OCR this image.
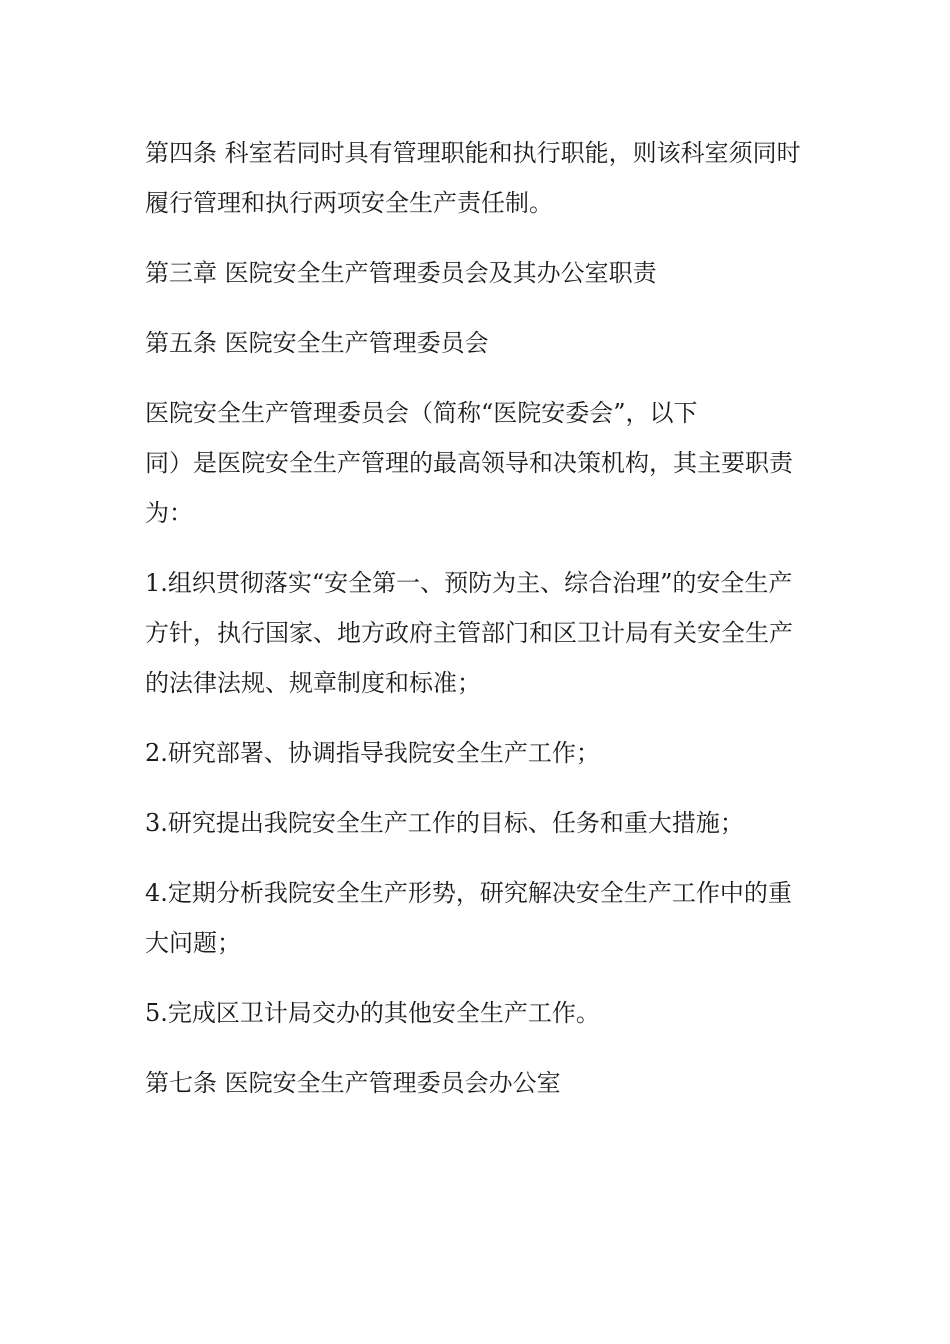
第四条 科室若同时具有管理职能和执行职能，则该科室须同时履行管理和执行两项安全生产责任制。

第三章 医院安全生产管理委员会及其办公室职责

第五条 医院安全生产管理委员会

医院安全生产管理委员会（简称“医院安委会”，以下
同）是医院安全生产管理的最高领导和决策机构，其主要职责为：

1.组织贯彻落实“安全第一、预防为主、综合治理”的安全生产方针，执行国家、地方政府主管部门和区卫计局有关安全生产的法律法规、规章制度和标准；

2.研究部署、协调指导我院安全生产工作；

3.研究提出我院安全生产工作的目标、任务和重大措施；

4.定期分析我院安全生产形势，研究解决安全生产工作中的重大问题；

5.完成区卫计局交办的其他安全生产工作。

第七条 医院安全生产管理委员会办公室
